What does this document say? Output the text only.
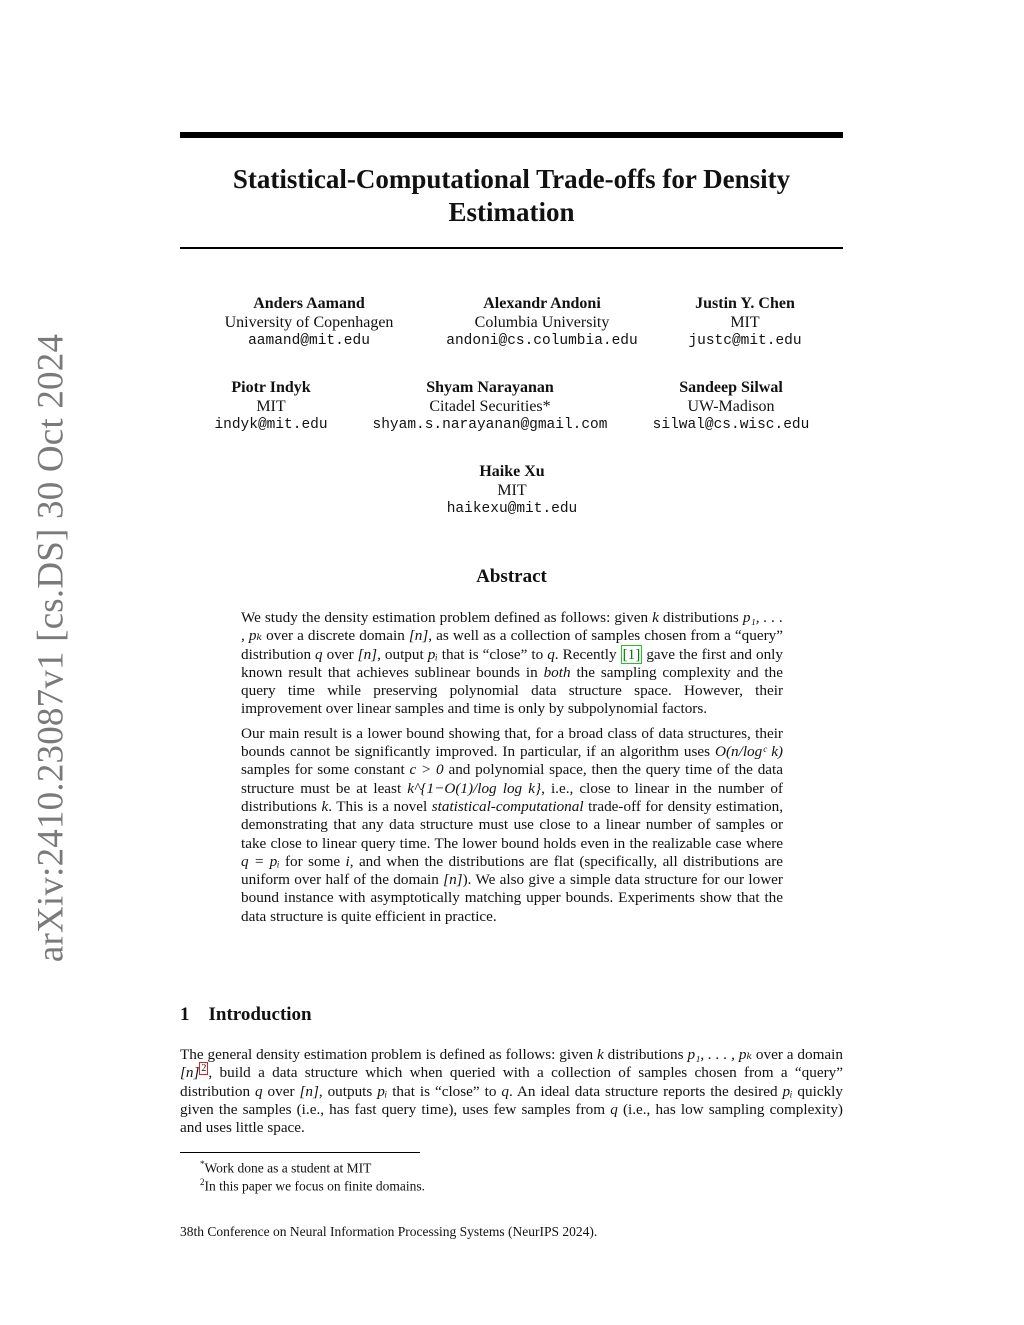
arXiv:2410.23087v1 [cs.DS] 30 Oct 2024
Statistical-Computational Trade-offs for Density Estimation
Anders Aamand
University of Copenhagen
aamand@mit.edu
Alexandr Andoni
Columbia University
andoni@cs.columbia.edu
Justin Y. Chen
MIT
justc@mit.edu
Piotr Indyk
MIT
indyk@mit.edu
Shyam Narayanan
Citadel Securities*
shyam.s.narayanan@gmail.com
Sandeep Silwal
UW-Madison
silwal@cs.wisc.edu
Haike Xu
MIT
haikexu@mit.edu
Abstract

We study the density estimation problem defined as follows: given k distributions p₁, . . . , pₖ over a discrete domain [n], as well as a collection of samples chosen from a “query” distribution q over [n], output pᵢ that is “close” to q. Recently [1] gave the first and only known result that achieves sublinear bounds in both the sampling complexity and the query time while preserving polynomial data structure space. However, their improvement over linear samples and time is only by subpolynomial factors.

Our main result is a lower bound showing that, for a broad class of data structures, their bounds cannot be significantly improved. In particular, if an algorithm uses O(n/logᶜ k) samples for some constant c > 0 and polynomial space, then the query time of the data structure must be at least k^{1−O(1)/log log k}, i.e., close to linear in the number of distributions k. This is a novel statistical-computational trade-off for density estimation, demonstrating that any data structure must use close to a linear number of samples or take close to linear query time. The lower bound holds even in the realizable case where q = pᵢ for some i, and when the distributions are flat (specifically, all distributions are uniform over half of the domain [n]). We also give a simple data structure for our lower bound instance with asymptotically matching upper bounds. Experiments show that the data structure is quite efficient in practice.

1 Introduction

The general density estimation problem is defined as follows: given k distributions p₁, . . . , pₖ over a domain [n] $^2$ , build a data structure which when queried with a collection of samples chosen from a “query” distribution q over [n], outputs pᵢ that is “close” to q. An ideal data structure reports the desired pᵢ quickly given the samples (i.e., has fast query time), uses few samples from q (i.e., has low sampling complexity) and uses little space.

*Work done as a student at MIT
$^2$In this paper we focus on finite domains.
38th Conference on Neural Information Processing Systems (NeurIPS 2024).
